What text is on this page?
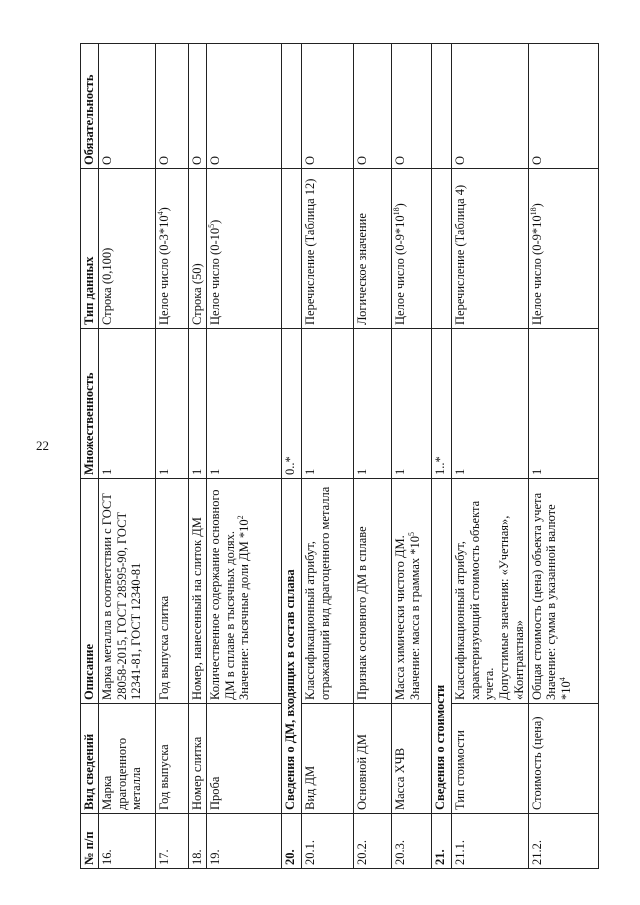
22
№ п/п	Вид сведений	Описание	Множественность	Тип данных	Обязательность
16.	Марка драгоценного металла	Марка металла в соответствии с ГОСТ 28058-2015, ГОСТ 28595-90, ГОСТ 12341-81, ГОСТ 12340-81	1	Строка (0,100)	О
17.	Год выпуска	Год выпуска слитка	1	Целое число $(0-3*10^4)$	О
18.	Номер слитка	Номер, нанесенный на слиток ДМ	1	Строка (50)	О
19.	Проба	Количественное содержание основного ДМ в сплаве в тысячных долях.
Значение: тысячные доли ДМ $*10^2$	1	Целое число $(0-10^5)$	О
20.	Сведения о ДМ, входящих в состав сплава		0..*		
20.1.	Вид ДМ	Классификационный атрибут, отражающий вид драгоценного металла	1	Перечисление (Таблица 12)	О
20.2.	Основной ДМ	Признак основного ДМ в сплаве	1	Логическое значение	О
20.3.	Масса ХЧВ	Масса химически чистого ДМ.
Значение: масса в граммах $*10^5$	1	Целое число $(0-9*10^{18})$	О
21.	Сведения о стоимости		1..*		
21.1.	Тип стоимости	Классификационный атрибут, характеризующий стоимость объекта учета.
Допустимые значения: «Учетная», «Контрактная»	1	Перечисление (Таблица 4)	О
21.2.	Стоимость (цена)	Общая стоимость (цена) объекта учета
Значение: сумма в указанной валюте $*10^4$	1	Целое число $(0-9*10^{18})$	О
